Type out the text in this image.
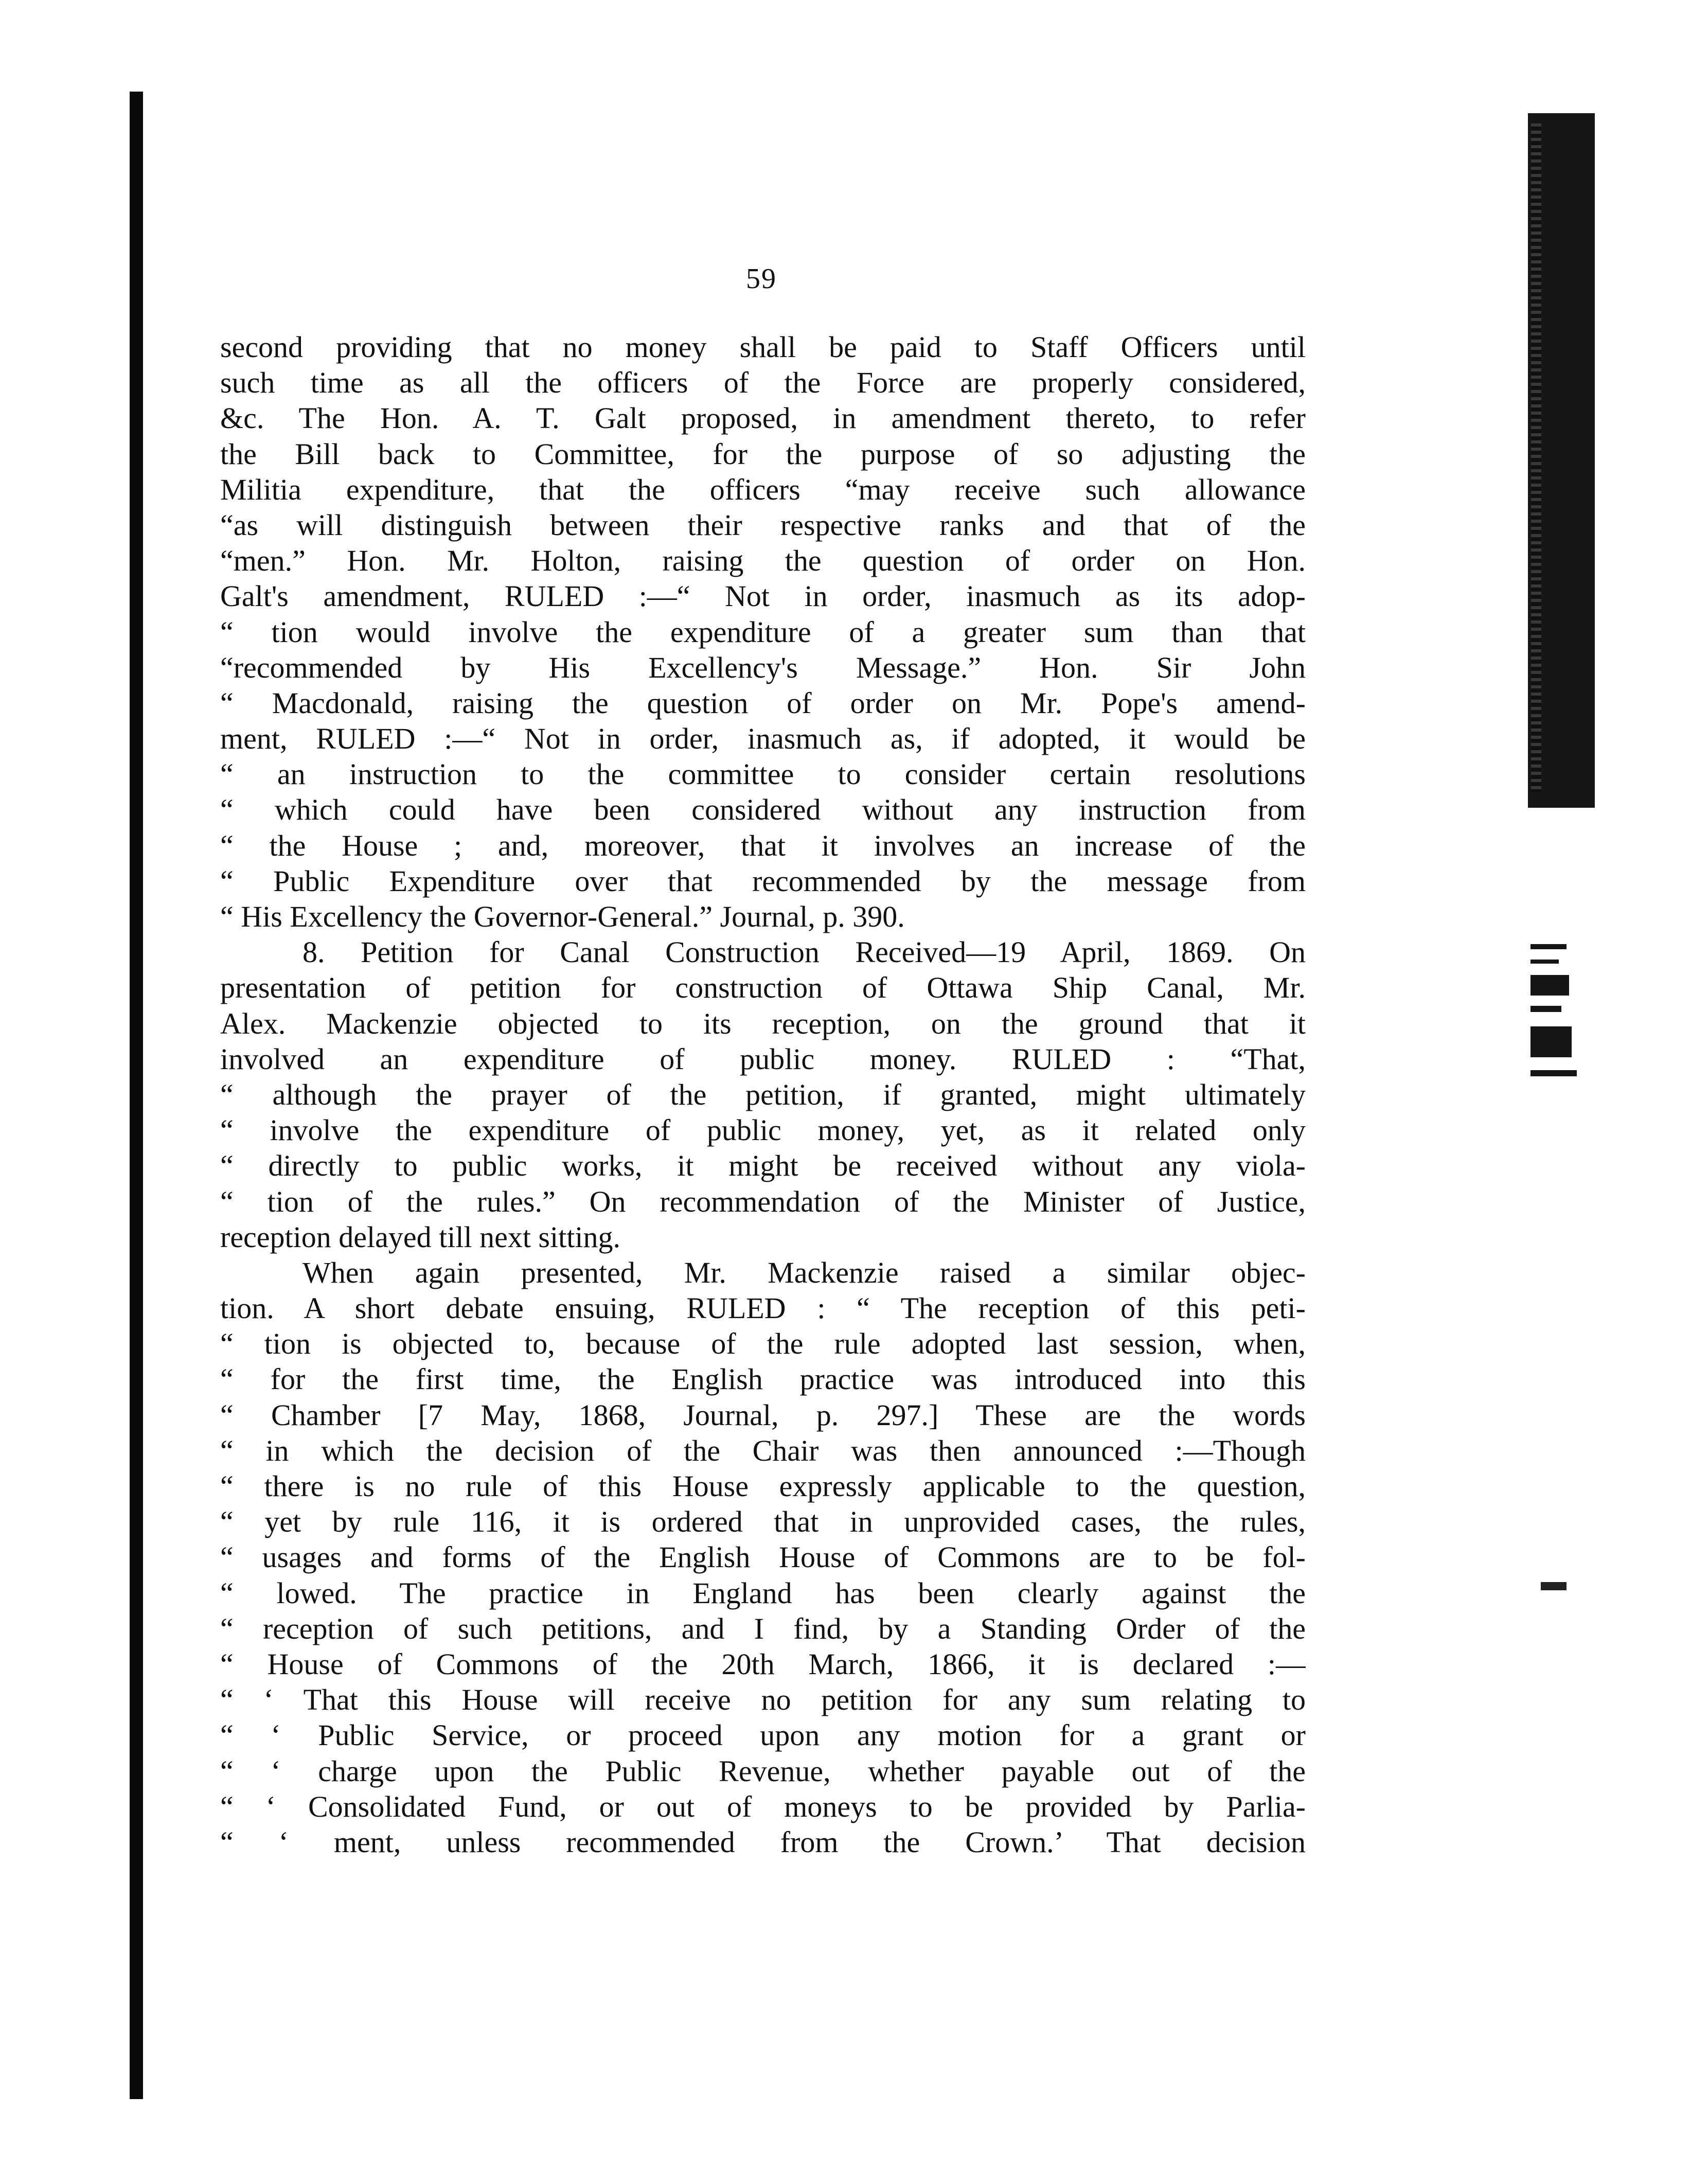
59
second providing that no money shall be paid to Staff Officers until
such time as all the officers of the Force are properly considered,
&c. The Hon. A. T. Galt proposed, in amendment thereto, to refer
the Bill back to Committee, for the purpose of so adjusting the
Militia expenditure, that the officers “may receive such allowance
“as will distinguish between their respective ranks and that of the
“men.” Hon. Mr. Holton, raising the question of order on Hon.
Galt's amendment, RULED :—“ Not in order, inasmuch as its adop-
“ tion would involve the expenditure of a greater sum than that
“recommended by His Excellency's Message.” Hon. Sir John
“ Macdonald, raising the question of order on Mr. Pope's amend-
ment, RULED :—“ Not in order, inasmuch as, if adopted, it would be
“ an instruction to the committee to consider certain resolutions
“ which could have been considered without any instruction from
“ the House ; and, moreover, that it involves an increase of the
“ Public Expenditure over that recommended by the message from
“ His Excellency the Governor-General.” Journal, p. 390.
8. Petition for Canal Construction Received—19 April, 1869. On
presentation of petition for construction of Ottawa Ship Canal, Mr.
Alex. Mackenzie objected to its reception, on the ground that it
involved an expenditure of public money. RULED : “That,
“ although the prayer of the petition, if granted, might ultimately
“ involve the expenditure of public money, yet, as it related only
“ directly to public works, it might be received without any viola-
“ tion of the rules.” On recommendation of the Minister of Justice,
reception delayed till next sitting.
When again presented, Mr. Mackenzie raised a similar objec-
tion. A short debate ensuing, RULED : “ The reception of this peti-
“ tion is objected to, because of the rule adopted last session, when,
“ for the first time, the English practice was introduced into this
“ Chamber [7 May, 1868, Journal, p. 297.] These are the words
“ in which the decision of the Chair was then announced :—Though
“ there is no rule of this House expressly applicable to the question,
“ yet by rule 116, it is ordered that in unprovided cases, the rules,
“ usages and forms of the English House of Commons are to be fol-
“ lowed. The practice in England has been clearly against the
“ reception of such petitions, and I find, by a Standing Order of the
“ House of Commons of the 20th March, 1866, it is declared :—
“ ‘ That this House will receive no petition for any sum relating to
“ ‘ Public Service, or proceed upon any motion for a grant or
“ ‘ charge upon the Public Revenue, whether payable out of the
“ ‘ Consolidated Fund, or out of moneys to be provided by Parlia-
“ ‘ ment, unless recommended from the Crown.’ That decision
